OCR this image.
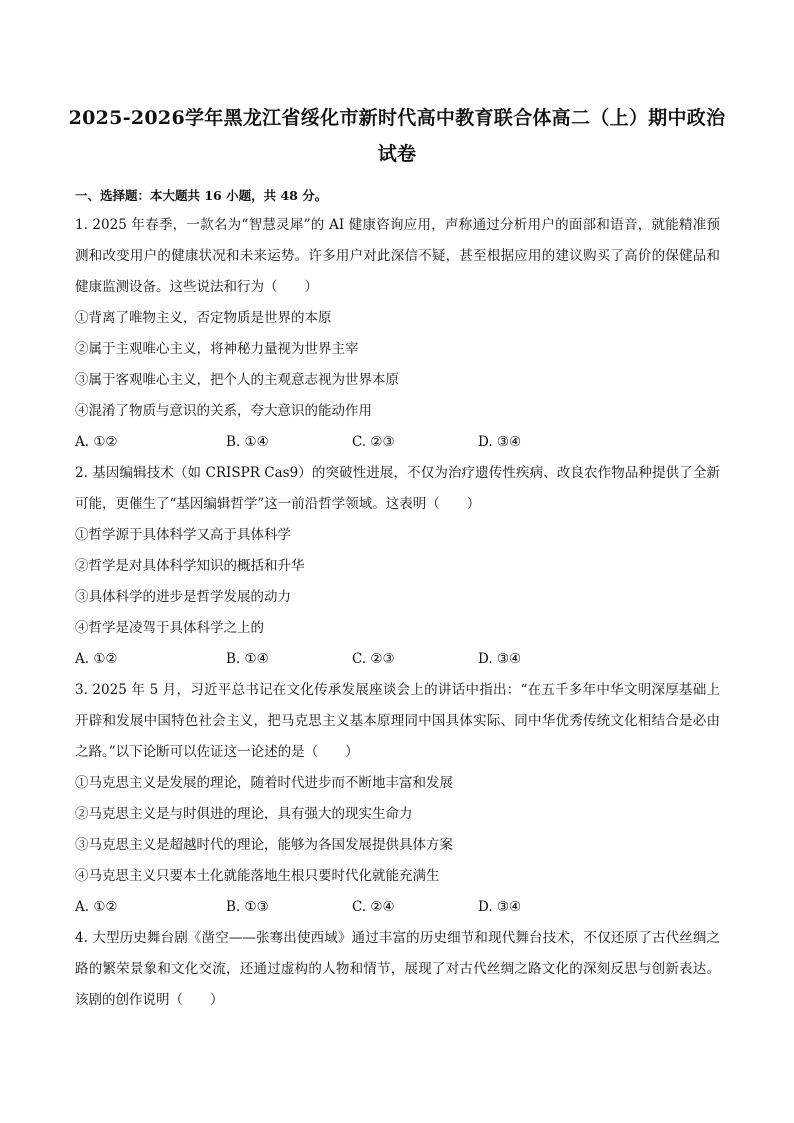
2025-2026学年黑龙江省绥化市新时代高中教育联合体高二（上）期中政治试卷
一、选择题：本大题共 16 小题，共 48 分。
1. 2025 年春季，一款名为“智慧灵犀”的 AI 健康咨询应用，声称通过分析用户的面部和语音，就能精准预测和改变用户的健康状况和未来运势。许多用户对此深信不疑，甚至根据应用的建议购买了高价的保健品和健康监测设备。这些说法和行为（　　）
①背离了唯物主义，否定物质是世界的本原
②属于主观唯心主义，将神秘力量视为世界主宰
③属于客观唯心主义，把个人的主观意志视为世界本原
④混淆了物质与意识的关系，夸大意识的能动作用
A. ①②	B. ①④	C. ②③	D. ③④
2. 基因编辑技术（如 CRISPR Cas9）的突破性进展，不仅为治疗遗传性疾病、改良农作物品种提供了全新可能，更催生了“基因编辑哲学”这一前沿哲学领域。这表明（　　）
①哲学源于具体科学又高于具体科学
②哲学是对具体科学知识的概括和升华
③具体科学的进步是哲学发展的动力
④哲学是凌驾于具体科学之上的
A. ①②	B. ①④	C. ②③	D. ③④
3. 2025 年 5 月，习近平总书记在文化传承发展座谈会上的讲话中指出：“在五千多年中华文明深厚基础上开辟和发展中国特色社会主义，把马克思主义基本原理同中国具体实际、同中华优秀传统文化相结合是必由之路。”以下论断可以佐证这一论述的是（　　）
①马克思主义是发展的理论，随着时代进步而不断地丰富和发展
②马克思主义是与时俱进的理论，具有强大的现实生命力
③马克思主义是超越时代的理论，能够为各国发展提供具体方案
④马克思主义只要本土化就能落地生根只要时代化就能充满生
A. ①②	B. ①③	C. ②④	D. ③④
4. 大型历史舞台剧《凿空——张骞出使西域》通过丰富的历史细节和现代舞台技术，不仅还原了古代丝绸之路的繁荣景象和文化交流，还通过虚构的人物和情节，展现了对古代丝绸之路文化的深刻反思与创新表达。该剧的创作说明（　　）
